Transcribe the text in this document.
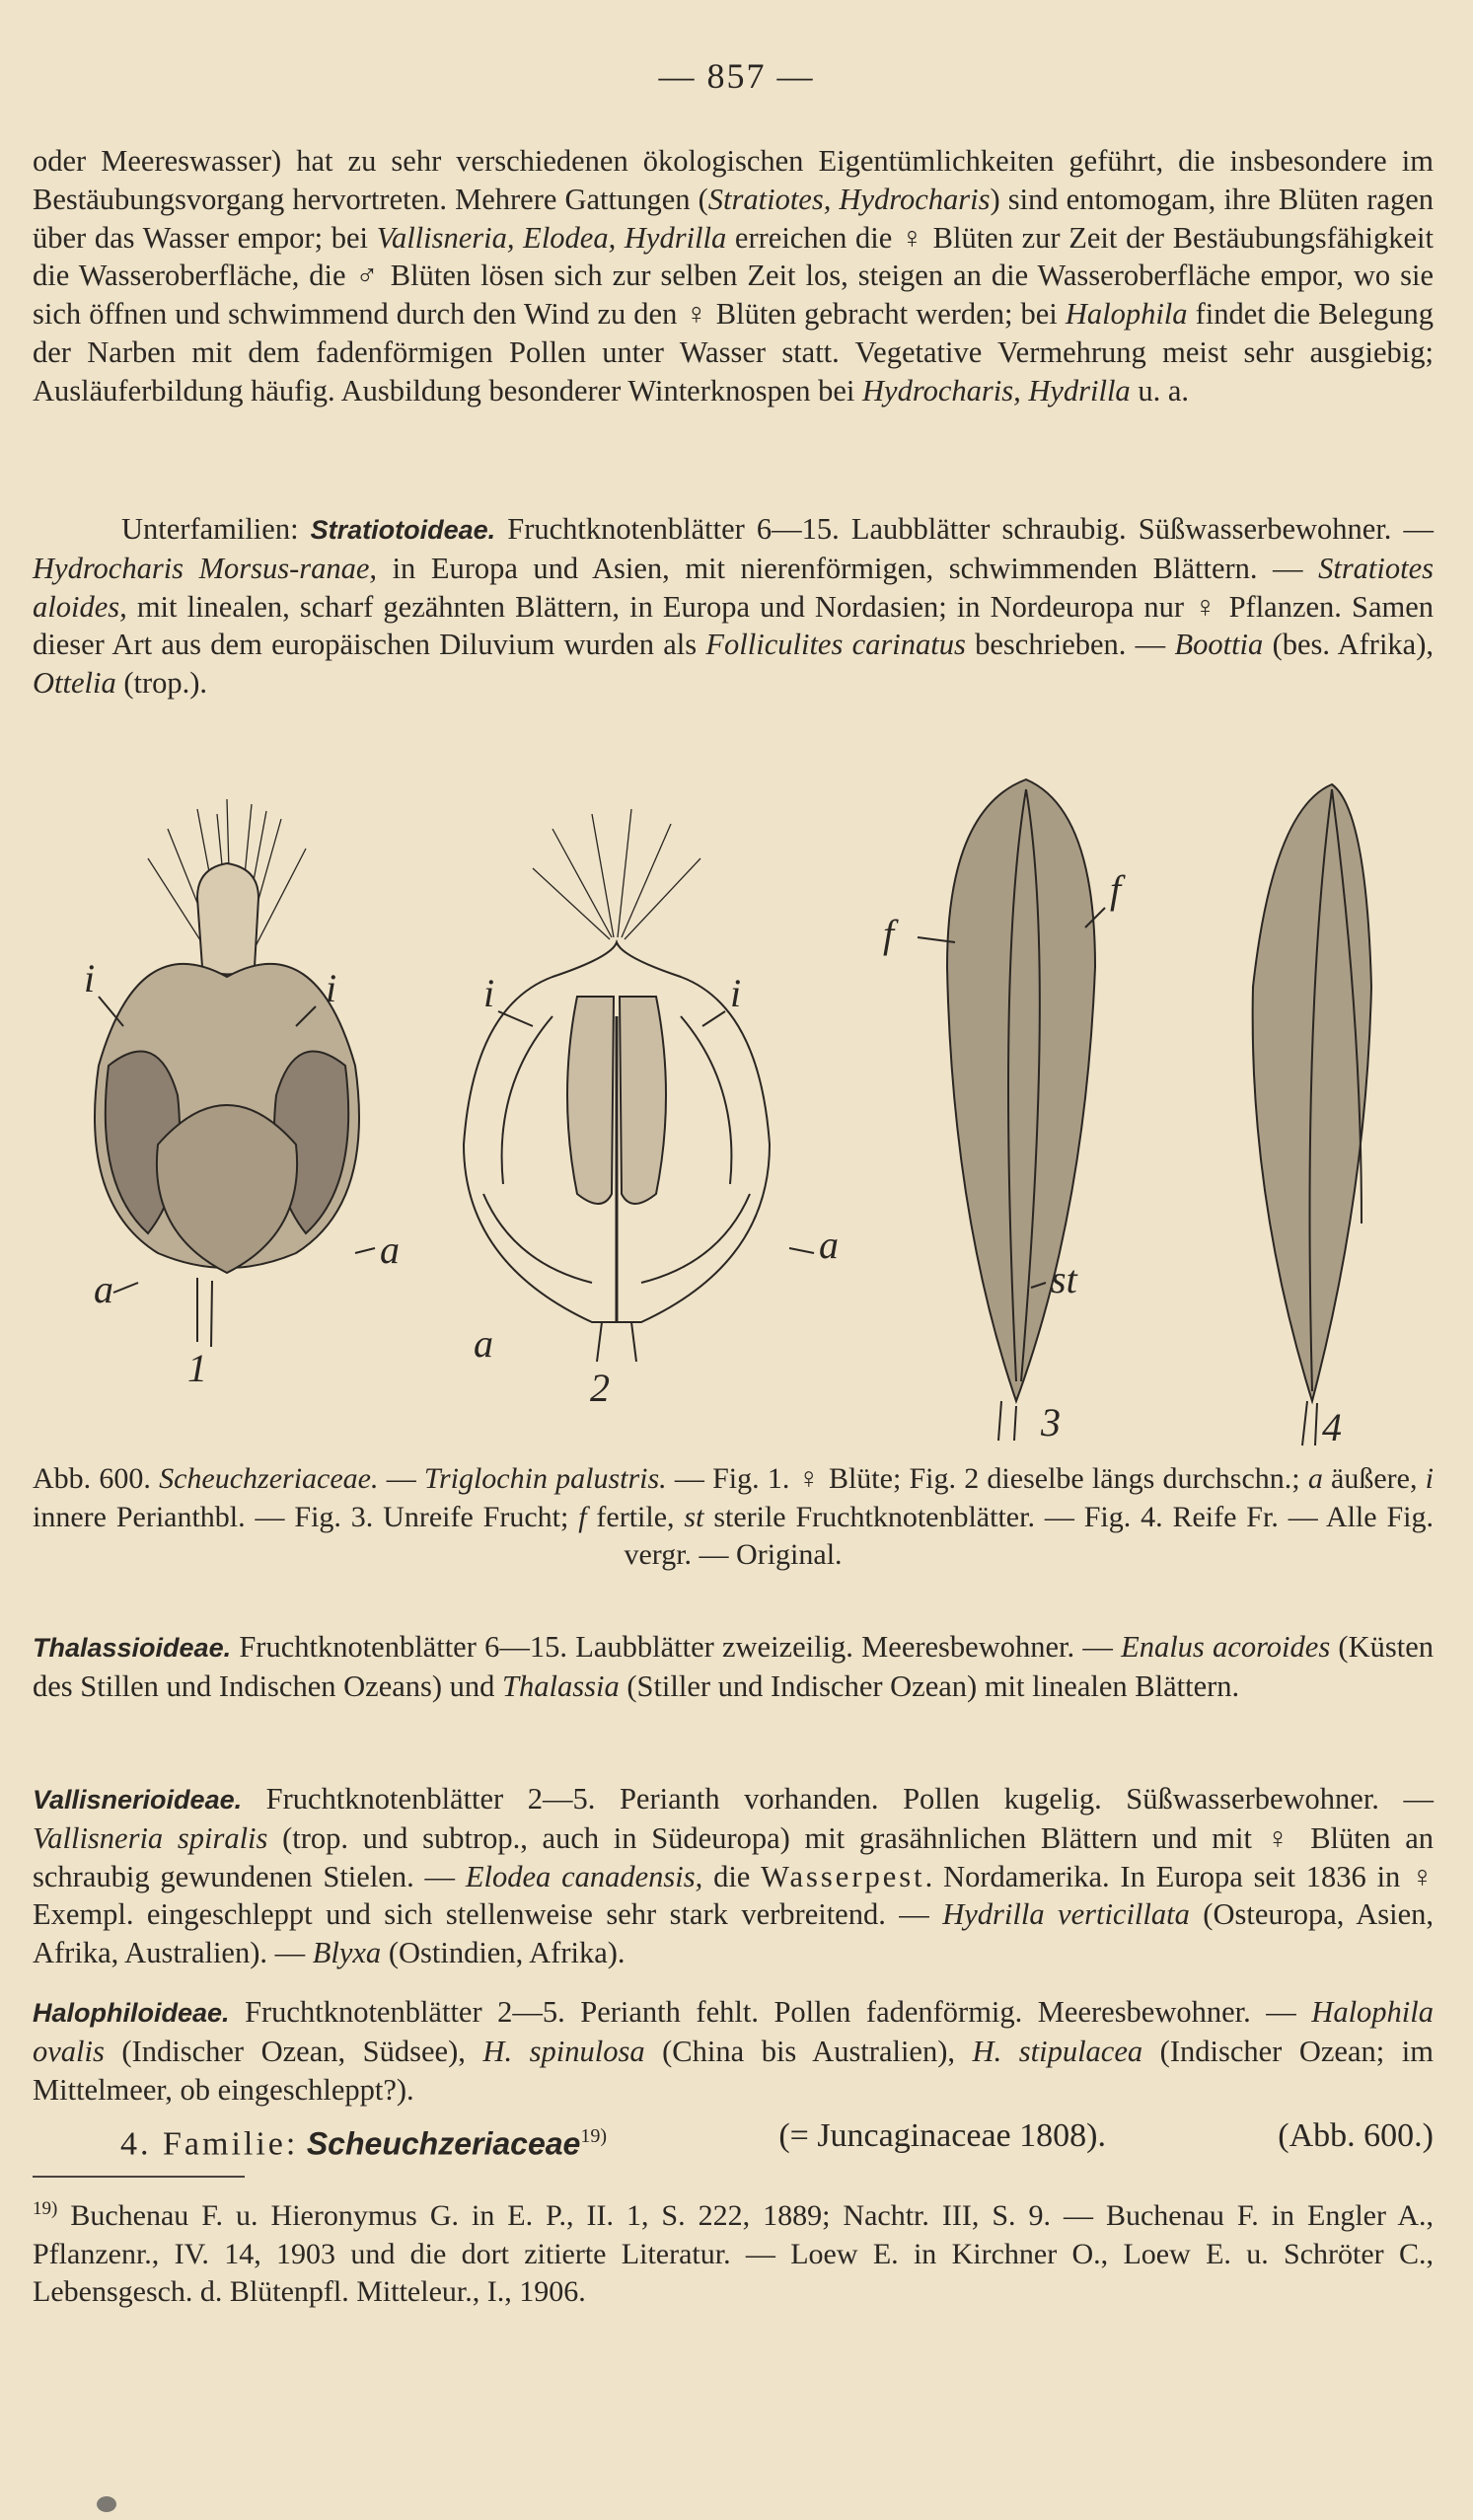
— 857 —
oder Meereswasser) hat zu sehr verschiedenen ökologischen Eigentümlichkeiten geführt, die insbesondere im Bestäubungsvorgang hervortreten. Mehrere Gattungen (Stratiotes, Hydrocharis) sind entomogam, ihre Blüten ragen über das Wasser empor; bei Vallisneria, Elodea, Hydrilla erreichen die ♀ Blüten zur Zeit der Bestäubungsfähigkeit die Wasseroberfläche, die ♂ Blüten lösen sich zur selben Zeit los, steigen an die Wasseroberfläche empor, wo sie sich öffnen und schwimmend durch den Wind zu den ♀ Blüten gebracht werden; bei Halophila findet die Belegung der Narben mit dem fadenförmigen Pollen unter Wasser statt. Vegetative Vermehrung meist sehr ausgiebig; Ausläuferbildung häufig. Ausbildung besonderer Winterknospen bei Hydrocharis, Hydrilla u. a.
Unterfamilien: Stratiotoideae. Fruchtknotenblätter 6—15. Laubblätter schraubig. Süßwasserbewohner. — Hydrocharis Morsus-ranae, in Europa und Asien, mit nierenförmigen, schwimmenden Blättern. — Stratiotes aloides, mit linealen, scharf gezähnten Blättern, in Europa und Nordasien; in Nordeuropa nur ♀ Pflanzen. Samen dieser Art aus dem europäischen Diluvium wurden als Folliculites carinatus beschrieben. — Boottia (bes. Afrika), Ottelia (trop.).
i	i
a
a
1
i	i
a
a
2
f
f
st
3	4
Abb. 600. Scheuchzeriaceae. — Triglochin palustris. — Fig. 1. ♀ Blüte; Fig. 2 dieselbe längs durchschn.; a äußere, i innere Perianthbl. — Fig. 3. Unreife Frucht; f fertile, st sterile Fruchtknotenblätter. — Fig. 4. Reife Fr. — Alle Fig. vergr. — Original.
Thalassioideae. Fruchtknotenblätter 6—15. Laubblätter zweizeilig. Meeresbewohner. — Enalus acoroides (Küsten des Stillen und Indischen Ozeans) und Thalassia (Stiller und Indischer Ozean) mit linealen Blättern.
Vallisnerioideae. Fruchtknotenblätter 2—5. Perianth vorhanden. Pollen kugelig. Süßwasserbewohner. — Vallisneria spiralis (trop. und subtrop., auch in Südeuropa) mit grasähnlichen Blättern und mit ♀ Blüten an schraubig gewundenen Stielen. — Elodea canadensis, die Wasserpest. Nordamerika. In Europa seit 1836 in ♀ Exempl. eingeschleppt und sich stellenweise sehr stark verbreitend. — Hydrilla verticillata (Osteuropa, Asien, Afrika, Australien). — Blyxa (Ostindien, Afrika).
Halophiloideae. Fruchtknotenblätter 2—5. Perianth fehlt. Pollen fadenförmig. Meeresbewohner. — Halophila ovalis (Indischer Ozean, Südsee), H. spinulosa (China bis Australien), H. stipulacea (Indischer Ozean; im Mittelmeer, ob eingeschleppt?).
4. Familie: Scheuchzeriaceae$^{19)}$	(= Juncaginaceae 1808).	(Abb. 600.)
$^{19)}$ Buchenau F. u. Hieronymus G. in E. P., II. 1, S. 222, 1889; Nachtr. III, S. 9. — Buchenau F. in Engler A., Pflanzenr., IV. 14, 1903 und die dort zitierte Literatur. — Loew E. in Kirchner O., Loew E. u. Schröter C., Lebensgesch. d. Blütenpfl. Mitteleur., I., 1906.
